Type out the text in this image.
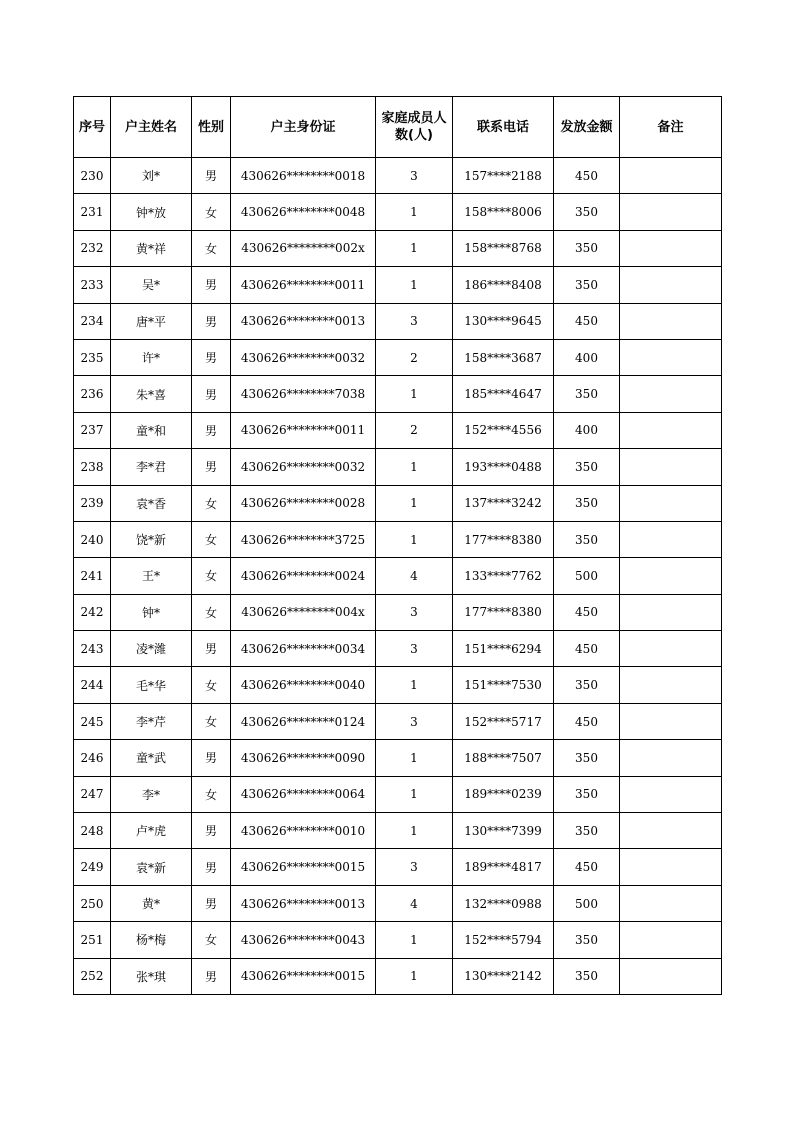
序号	户主姓名	性别	户主身份证	家庭成员人数(人)	联系电话	发放金额	备注
230	刘*	男	430626********0018	3	157****2188	450	
231	钟*放	女	430626********0048	1	158****8006	350	
232	黄*祥	女	430626********002x	1	158****8768	350	
233	吴*	男	430626********0011	1	186****8408	350	
234	唐*平	男	430626********0013	3	130****9645	450	
235	许*	男	430626********0032	2	158****3687	400	
236	朱*喜	男	430626********7038	1	185****4647	350	
237	童*和	男	430626********0011	2	152****4556	400	
238	李*君	男	430626********0032	1	193****0488	350	
239	袁*香	女	430626********0028	1	137****3242	350	
240	饶*新	女	430626********3725	1	177****8380	350	
241	王*	女	430626********0024	4	133****7762	500	
242	钟*	女	430626********004x	3	177****8380	450	
243	凌*潍	男	430626********0034	3	151****6294	450	
244	毛*华	女	430626********0040	1	151****7530	350	
245	李*芹	女	430626********0124	3	152****5717	450	
246	童*武	男	430626********0090	1	188****7507	350	
247	李*	女	430626********0064	1	189****0239	350	
248	卢*虎	男	430626********0010	1	130****7399	350	
249	袁*新	男	430626********0015	3	189****4817	450	
250	黄*	男	430626********0013	4	132****0988	500	
251	杨*梅	女	430626********0043	1	152****5794	350	
252	张*琪	男	430626********0015	1	130****2142	350	
